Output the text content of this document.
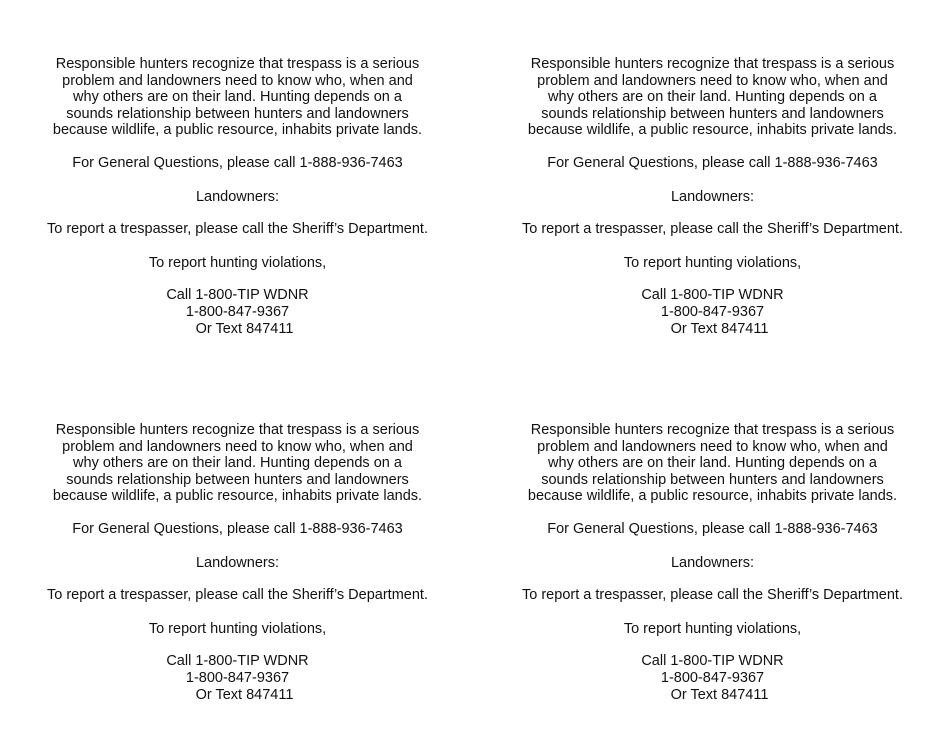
Responsible hunters recognize that trespass is a serious
problem and landowners need to know who, when and
why others are on their land. Hunting depends on a
sounds relationship between hunters and landowners
because wildlife, a public resource, inhabits private lands.
For General Questions, please call 1-888-936-7463
Landowners:
To report a trespasser, please call the Sheriff’s Department.
To report hunting violations,
Call 1-800-TIP WDNR
1-800-847-9367
Or Text 847411
Responsible hunters recognize that trespass is a serious
problem and landowners need to know who, when and
why others are on their land. Hunting depends on a
sounds relationship between hunters and landowners
because wildlife, a public resource, inhabits private lands.
For General Questions, please call 1-888-936-7463
Landowners:
To report a trespasser, please call the Sheriff’s Department.
To report hunting violations,
Call 1-800-TIP WDNR
1-800-847-9367
Or Text 847411
Responsible hunters recognize that trespass is a serious
problem and landowners need to know who, when and
why others are on their land. Hunting depends on a
sounds relationship between hunters and landowners
because wildlife, a public resource, inhabits private lands.
For General Questions, please call 1-888-936-7463
Landowners:
To report a trespasser, please call the Sheriff’s Department.
To report hunting violations,
Call 1-800-TIP WDNR
1-800-847-9367
Or Text 847411
Responsible hunters recognize that trespass is a serious
problem and landowners need to know who, when and
why others are on their land. Hunting depends on a
sounds relationship between hunters and landowners
because wildlife, a public resource, inhabits private lands.
For General Questions, please call 1-888-936-7463
Landowners:
To report a trespasser, please call the Sheriff’s Department.
To report hunting violations,
Call 1-800-TIP WDNR
1-800-847-9367
Or Text 847411
